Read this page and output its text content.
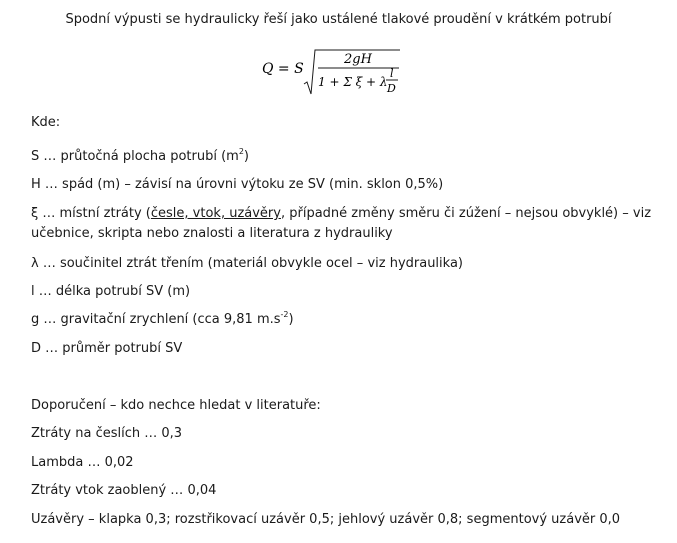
Spodní výpusti se hydraulicky řeší jako ustálené tlakové proudění v krátkém potrubí
Q = S
2gH
1 + Σ ξ + λ
l
D
Kde:
S … průtočná plocha potrubí $(m^2)$
H … spád (m) – závisí na úrovni výtoku ze SV (min. sklon 0,5%)
ξ … místní ztráty (česle, vtok, uzávěry, případné změny směru či zúžení – nejsou obvyklé) – viz
učebnice, skripta nebo znalosti a literatura z hydrauliky
λ … součinitel ztrát třením (materiál obvykle ocel – viz hydraulika)
l … délka potrubí SV (m)
g … gravitační zrychlení (cca 9,81 $m.s^{-2}$)
D … průměr potrubí SV
Doporučení – kdo nechce hledat v literatuře:
Ztráty na česlích … 0,3
Lambda … 0,02
Ztráty vtok zaoblený … 0,04
Uzávěry – klapka 0,3; rozstřikovací uzávěr 0,5; jehlový uzávěr 0,8; segmentový uzávěr 0,0
